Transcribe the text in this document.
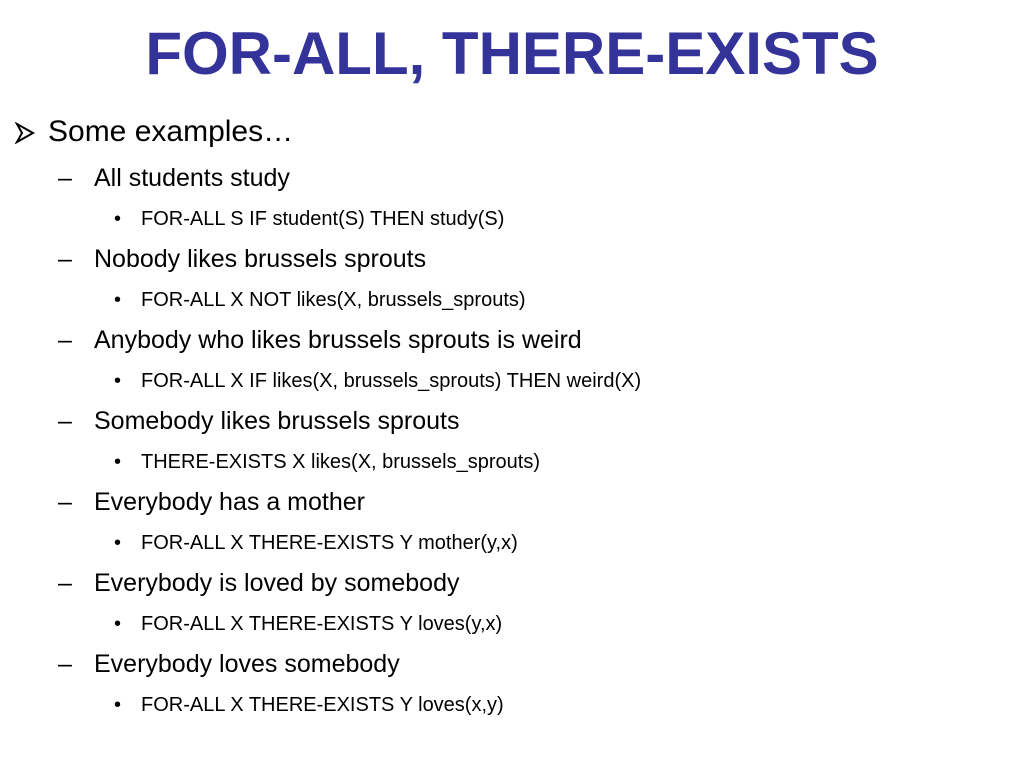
FOR-ALL, THERE-EXISTS
Some examples…
– All students study
• FOR-ALL S IF student(S) THEN study(S)
– Nobody likes brussels sprouts
• FOR-ALL X NOT likes(X, brussels_sprouts)
– Anybody who likes brussels sprouts is weird
• FOR-ALL X IF likes(X, brussels_sprouts) THEN weird(X)
– Somebody likes brussels sprouts
• THERE-EXISTS X likes(X, brussels_sprouts)
– Everybody has a mother
• FOR-ALL X THERE-EXISTS Y mother(y,x)
– Everybody is loved by somebody
• FOR-ALL X THERE-EXISTS Y loves(y,x)
– Everybody loves somebody
• FOR-ALL X THERE-EXISTS Y loves(x,y)
